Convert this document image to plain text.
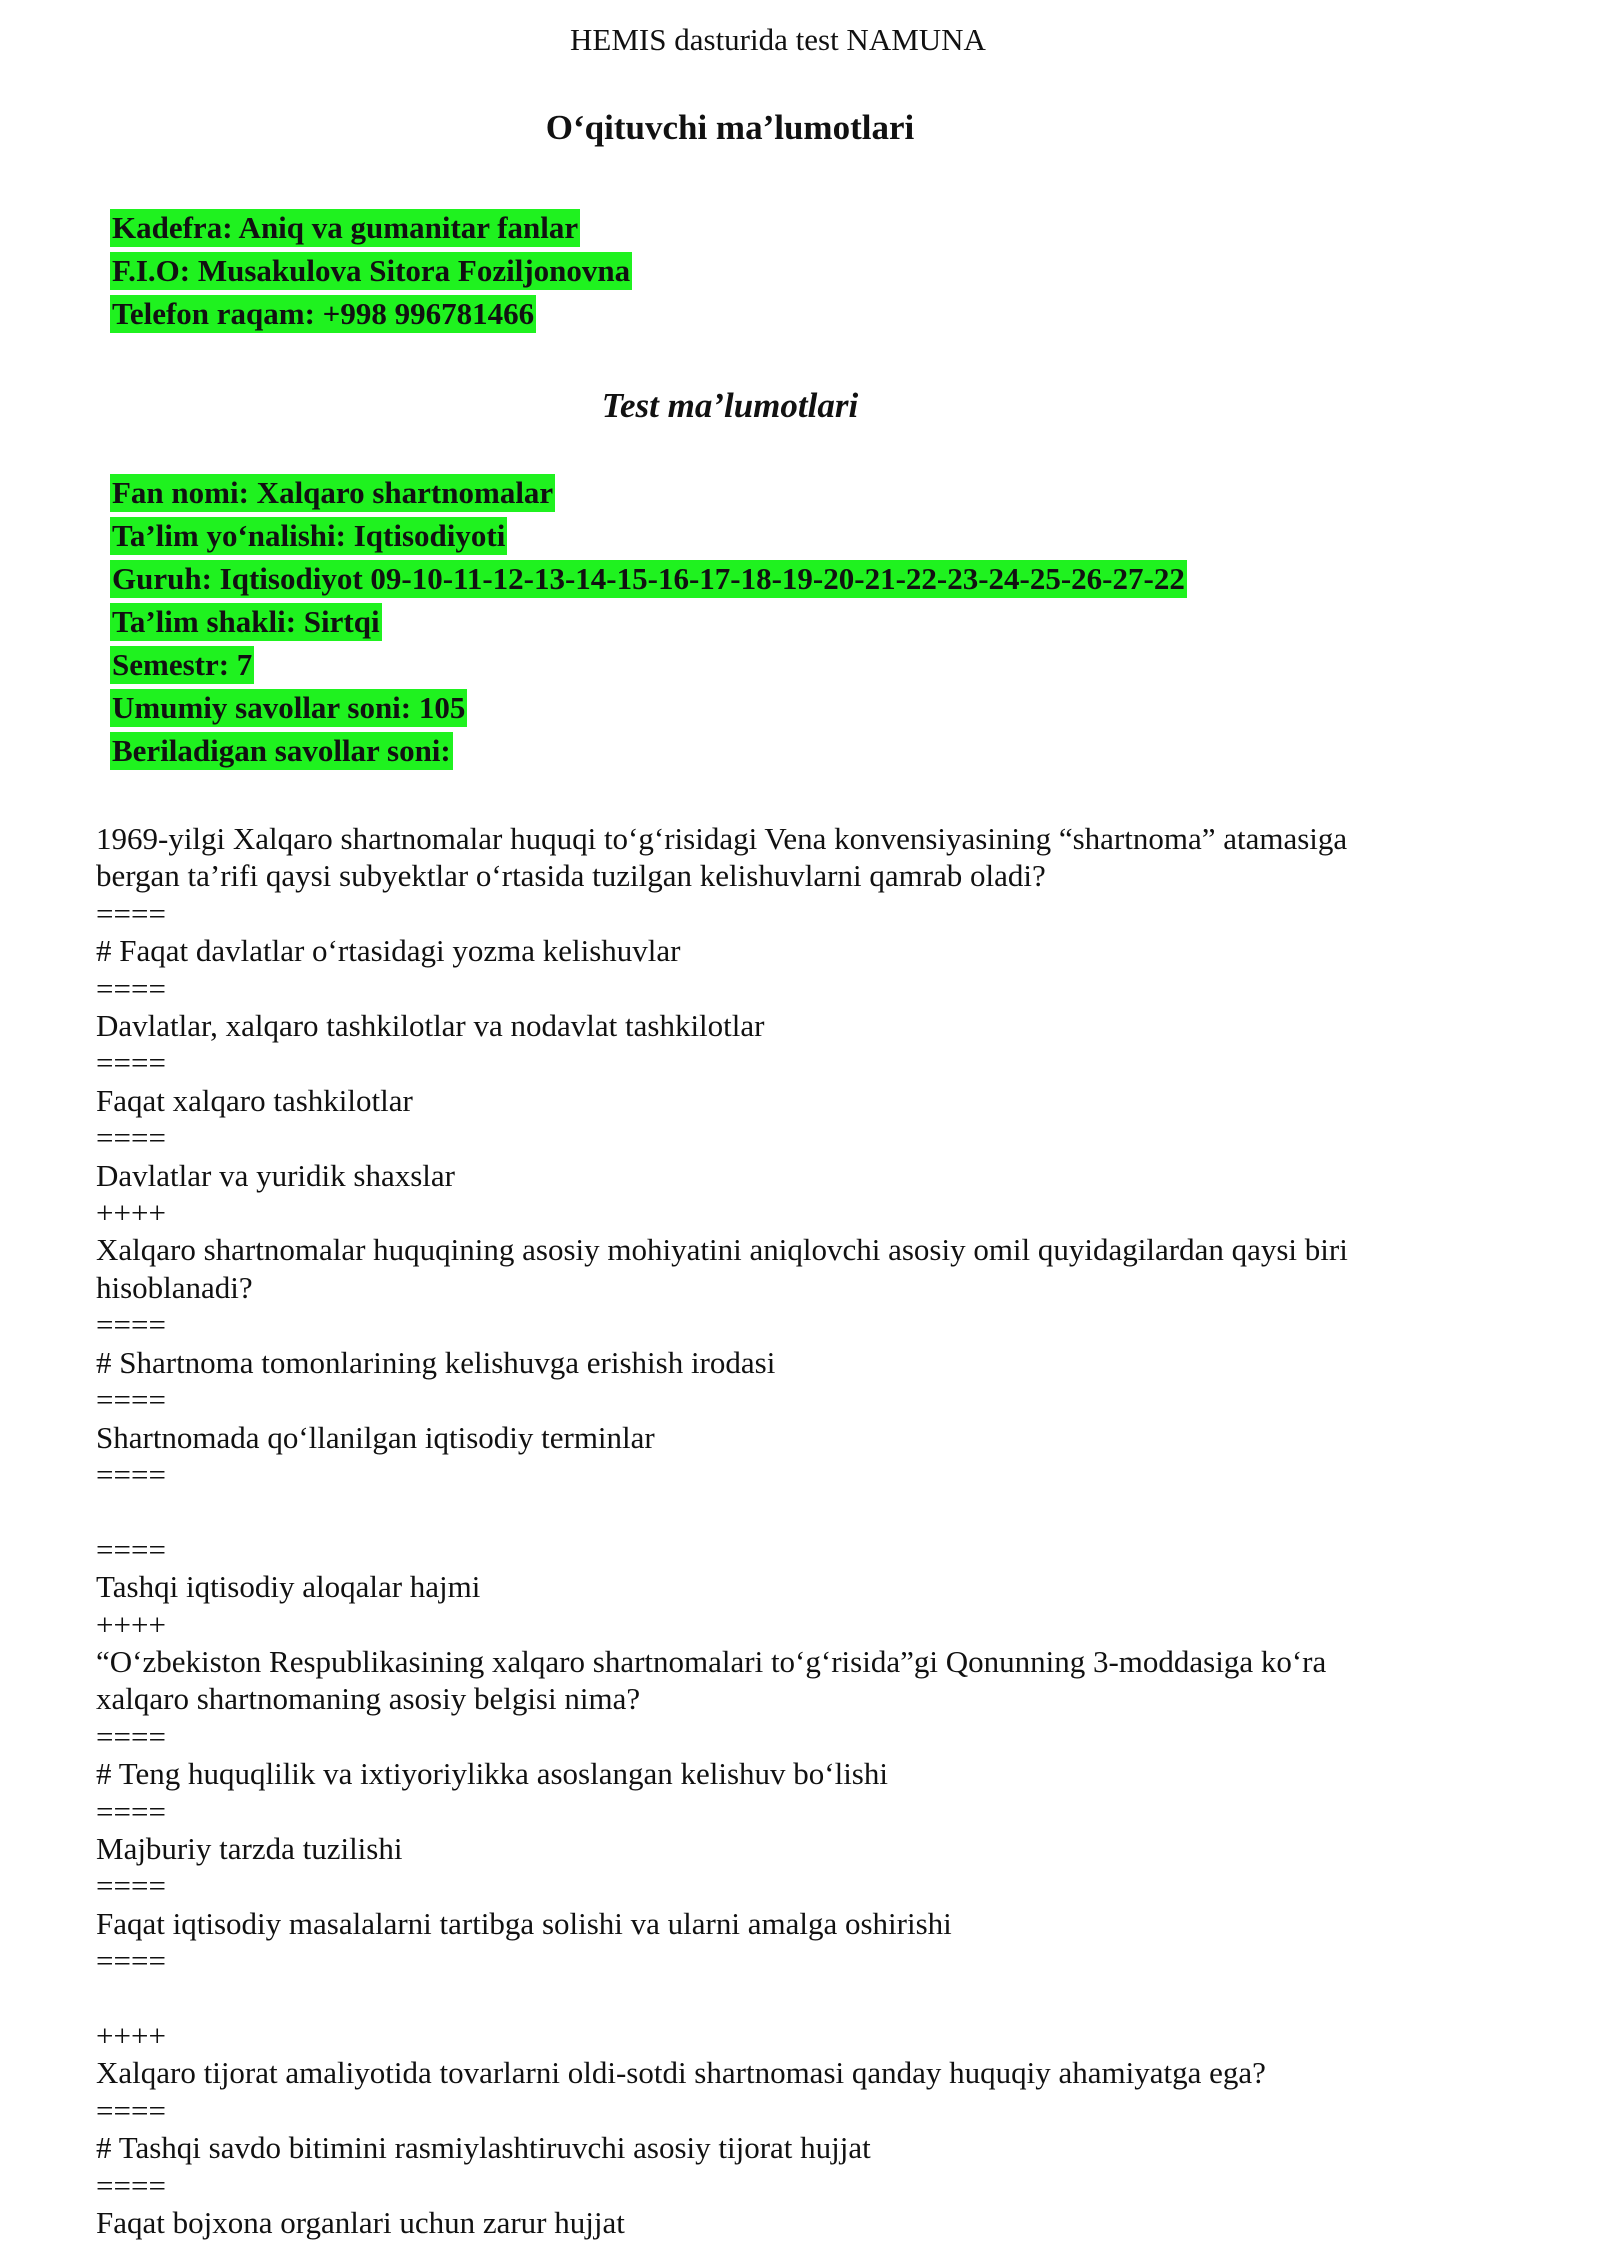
HEMIS dasturida test NAMUNA
O‘qituvchi ma’lumotlari
Kadefra: Aniq va gumanitar fanlar
F.I.O: Musakulova Sitora Foziljonovna
Telefon raqam: +998 996781466
Test ma’lumotlari
Fan nomi: Xalqaro shartnomalar
Ta’lim yo‘nalishi: Iqtisodiyoti
Guruh: Iqtisodiyot 09-10-11-12-13-14-15-16-17-18-19-20-21-22-23-24-25-26-27-22
Ta’lim shakli: Sirtqi
Semestr: 7
Umumiy savollar soni: 105
Beriladigan savollar soni:
1969-yilgi Xalqaro shartnomalar huquqi to‘g‘risidagi Vena konvensiyasining “shartnoma” atamasiga
bergan ta’rifi qaysi subyektlar o‘rtasida tuzilgan kelishuvlarni qamrab oladi?
====
# Faqat davlatlar o‘rtasidagi yozma kelishuvlar
====
Davlatlar, xalqaro tashkilotlar va nodavlat tashkilotlar
====
Faqat xalqaro tashkilotlar
====
Davlatlar va yuridik shaxslar
++++
Xalqaro shartnomalar huquqining asosiy mohiyatini aniqlovchi asosiy omil quyidagilardan qaysi biri
hisoblanadi?
====
# Shartnoma tomonlarining kelishuvga erishish irodasi
====
Shartnomada qo‘llanilgan iqtisodiy terminlar
====
====
Tashqi iqtisodiy aloqalar hajmi
++++
“O‘zbekiston Respublikasining xalqaro shartnomalari to‘g‘risida”gi Qonunning 3-moddasiga ko‘ra
xalqaro shartnomaning asosiy belgisi nima?
====
# Teng huquqlilik va ixtiyoriylikka asoslangan kelishuv bo‘lishi
====
Majburiy tarzda tuzilishi
====
Faqat iqtisodiy masalalarni tartibga solishi va ularni amalga oshirishi
====
++++
Xalqaro tijorat amaliyotida tovarlarni oldi-sotdi shartnomasi qanday huquqiy ahamiyatga ega?
====
# Tashqi savdo bitimini rasmiylashtiruvchi asosiy tijorat hujjat
====
Faqat bojxona organlari uchun zarur hujjat
